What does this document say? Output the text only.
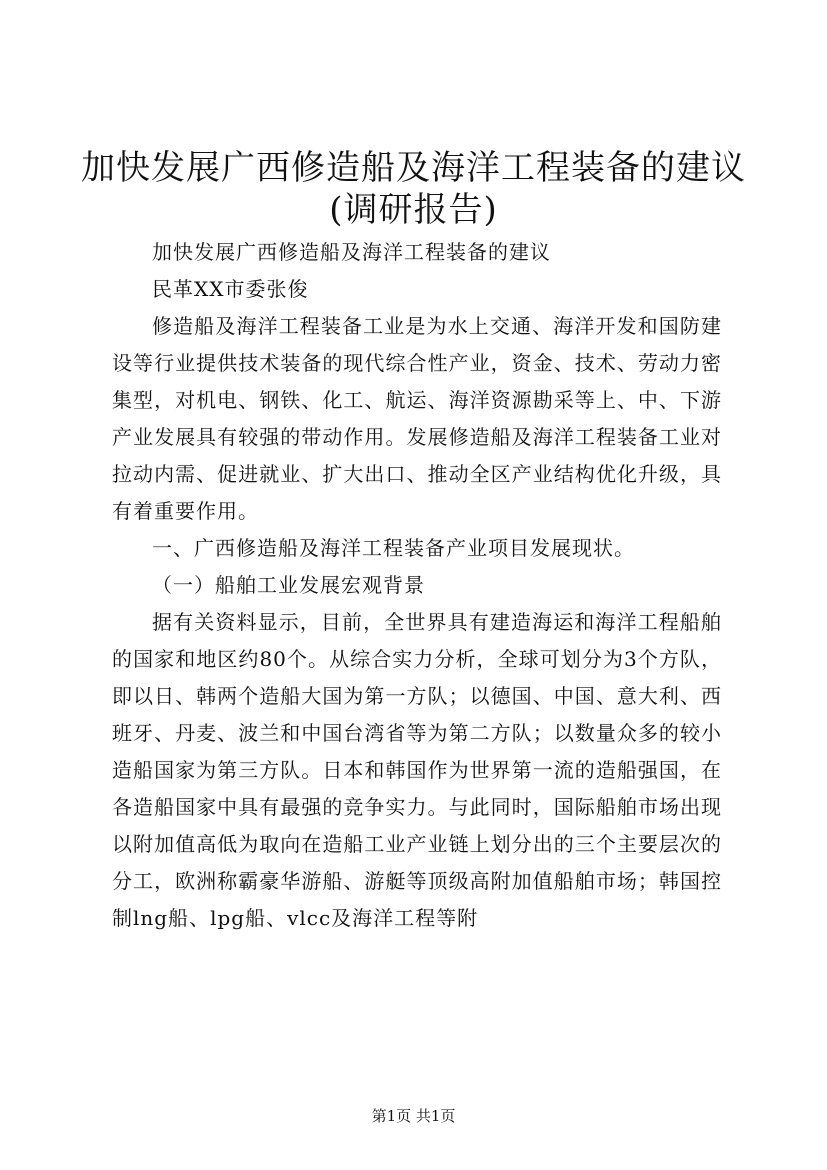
加快发展广西修造船及海洋工程装备的建议
(调研报告)

加快发展广西修造船及海洋工程装备的建议

民革XX市委张俊

修造船及海洋工程装备工业是为水上交通、海洋开发和国防建设等行业提供技术装备的现代综合性产业，资金、技术、劳动力密集型，对机电、钢铁、化工、航运、海洋资源勘采等上、中、下游产业发展具有较强的带动作用。发展修造船及海洋工程装备工业对拉动内需、促进就业、扩大出口、推动全区产业结构优化升级，具有着重要作用。

一、广西修造船及海洋工程装备产业项目发展现状。

（一）船舶工业发展宏观背景

据有关资料显示，目前，全世界具有建造海运和海洋工程船舶的国家和地区约80个。从综合实力分析，全球可划分为3个方队，即以日、韩两个造船大国为第一方队；以德国、中国、意大利、西班牙、丹麦、波兰和中国台湾省等为第二方队；以数量众多的较小造船国家为第三方队。日本和韩国作为世界第一流的造船强国，在各造船国家中具有最强的竞争实力。与此同时，国际船舶市场出现以附加值高低为取向在造船工业产业链上划分出的三个主要层次的分工，欧洲称霸豪华游船、游艇等顶级高附加值船舶市场；韩国控制lng船、lpg船、vlcc及海洋工程等附

第1页 共1页
